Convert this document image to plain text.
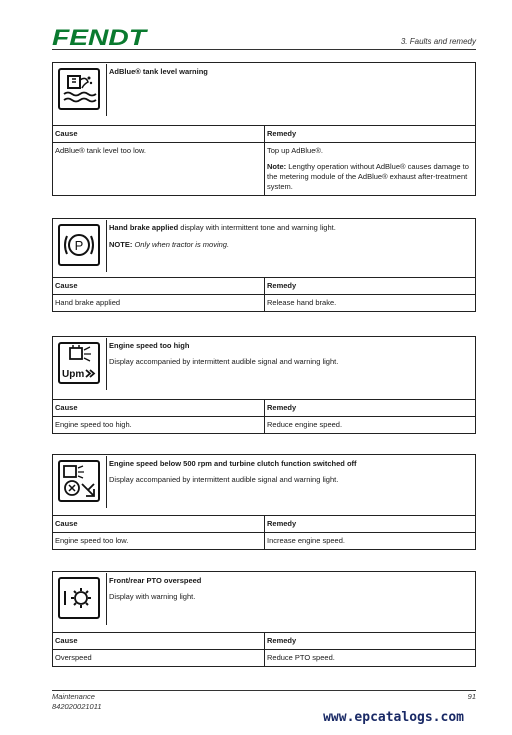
FENDT	3. Faults and remedy
AdBlue® tank level warning
Cause	Remedy
AdBlue® tank level too low.	Top up AdBlue®.
Note: Lengthy operation without AdBlue® causes damage to the metering module of the AdBlue® exhaust after-treatment system.
P
Hand brake applied display with intermittent tone and warning light.
NOTE: Only when tractor is moving.
Cause	Remedy
Hand brake applied	Release hand brake.
Upm
Engine speed too high
Display accompanied by intermittent audible signal and warning light.
Cause	Remedy
Engine speed too high.	Reduce engine speed.
Engine speed below 500 rpm and turbine clutch function switched off
Display accompanied by intermittent audible signal and warning light.
Cause	Remedy
Engine speed too low.	Increase engine speed.
Front/rear PTO overspeed
Display with warning light.
Cause	Remedy
Overspeed	Reduce PTO speed.
Maintenance
842020021011
91
www.epcatalogs.com
